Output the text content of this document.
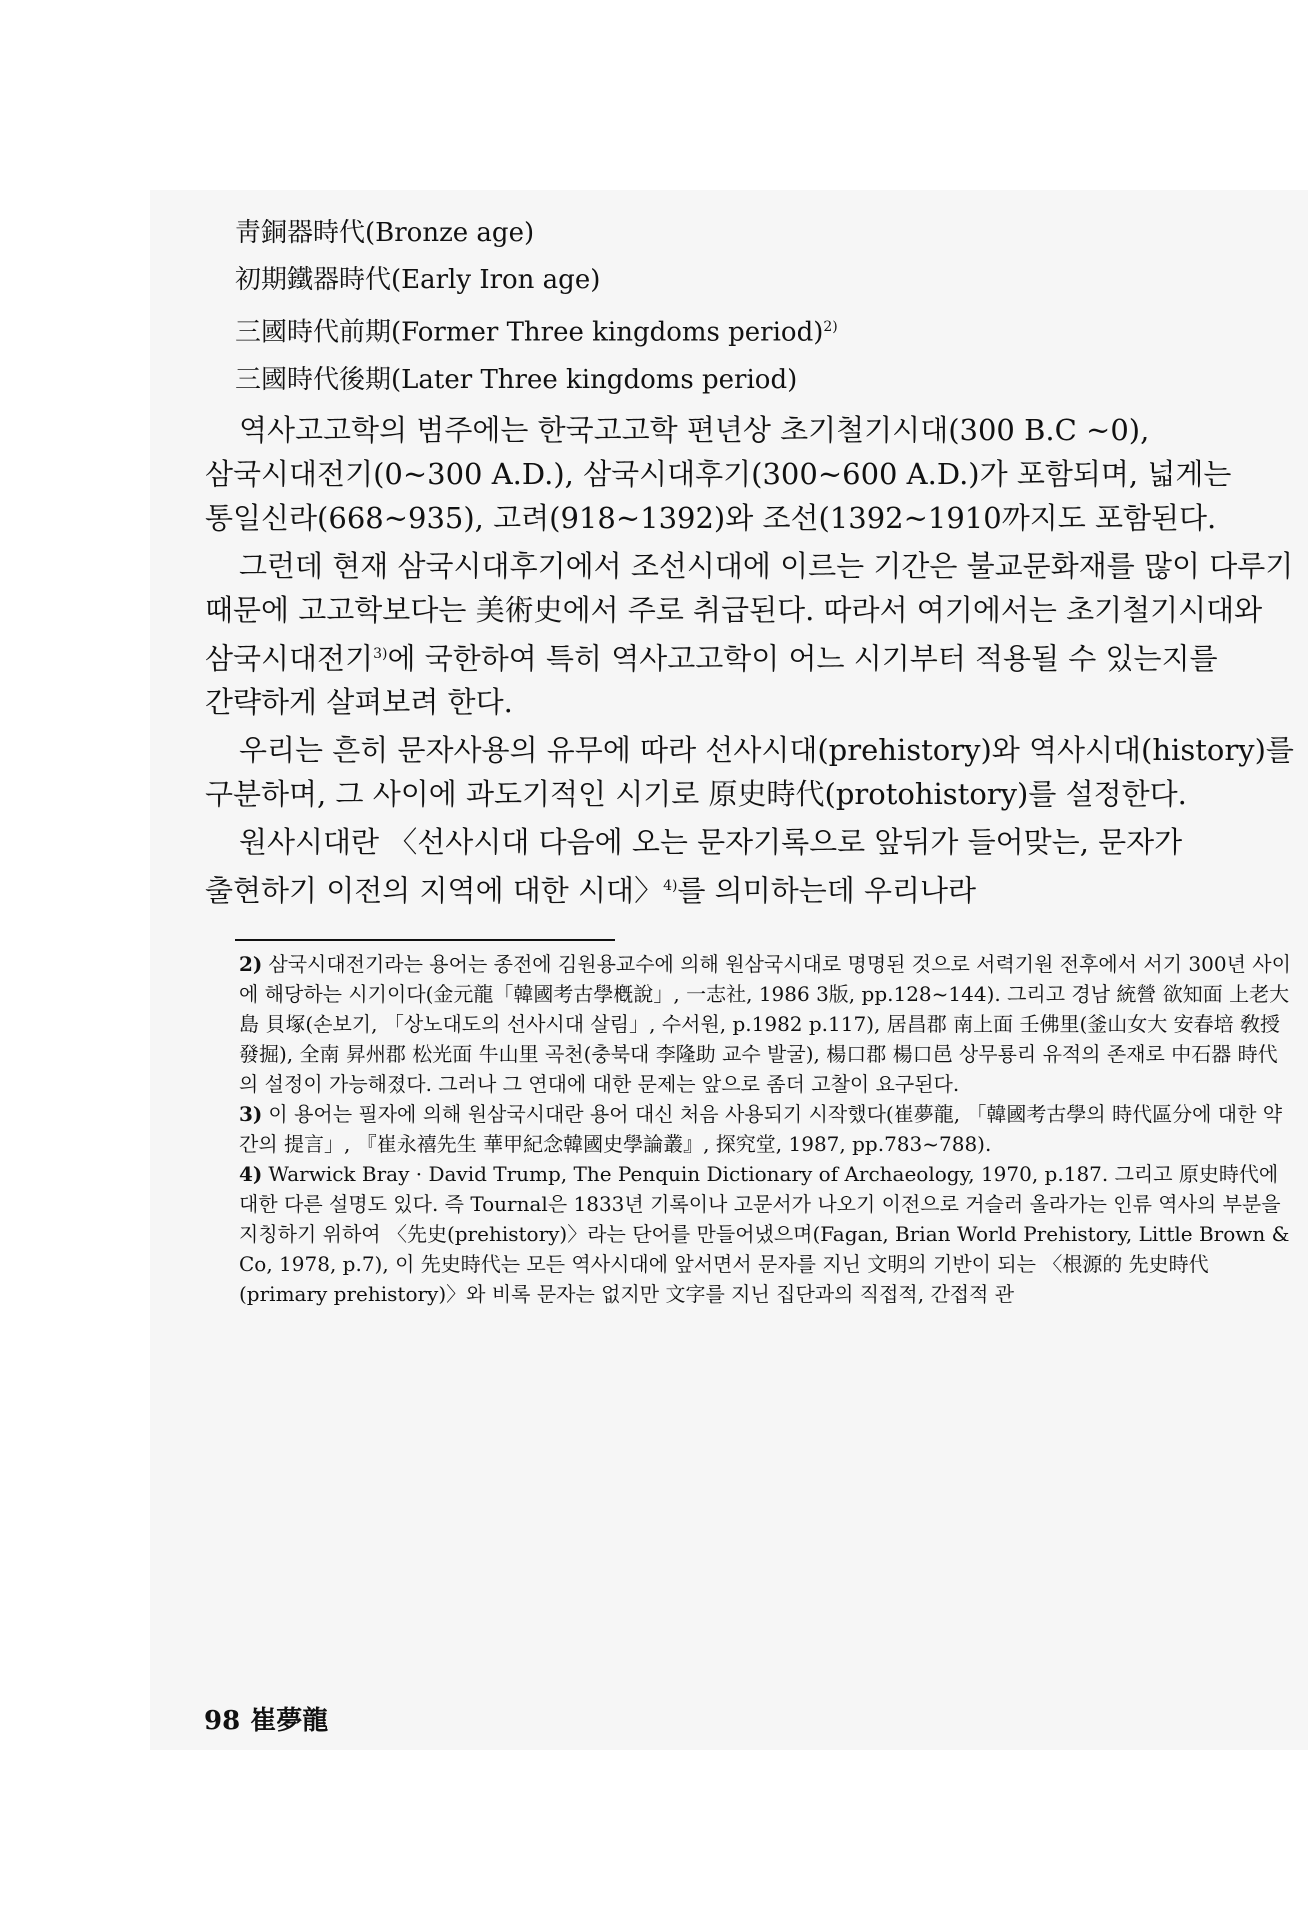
靑銅器時代(Bronze age)
初期鐵器時代(Early Iron age)
三國時代前期(Former Three kingdoms period)$^{2)}$
三國時代後期(Later Three kingdoms period)

역사고고학의 범주에는 한국고고학 편년상 초기철기시대(300 B.C ~0), 삼국시대전기(0~300 A.D.), 삼국시대후기(300~600 A.D.)가 포함되며, 넓게는 통일신라(668~935), 고려(918~1392)와 조선(1392~1910까지도 포함된다.

그런데 현재 삼국시대후기에서 조선시대에 이르는 기간은 불교문화재를 많이 다루기 때문에 고고학보다는 美術史에서 주로 취급된다. 따라서 여기에서는 초기철기시대와 삼국시대전기$^{3)}$에 국한하여 특히 역사고고학이 어느 시기부터 적용될 수 있는지를 간략하게 살펴보려 한다.

우리는 흔히 문자사용의 유무에 따라 선사시대(prehistory)와 역사시대(history)를 구분하며, 그 사이에 과도기적인 시기로 原史時代(protohistory)를 설정한다.

원사시대란 〈선사시대 다음에 오는 문자기록으로 앞뒤가 들어맞는, 문자가 출현하기 이전의 지역에 대한 시대〉$^{4)}$를 의미하는데 우리나라

2) 삼국시대전기라는 용어는 종전에 김원용교수에 의해 원삼국시대로 명명된 것으로 서력기원 전후에서 서기 300년 사이에 해당하는 시기이다(金元龍「韓國考古學槪說」, 一志社, 1986 3版, pp.128~144). 그리고 경남 統營 欲知面 上老大島 貝塚(손보기, 「상노대도의 선사시대 살림」, 수서원, p.1982 p.117), 居昌郡 南上面 壬佛里(釜山女大 安春培 敎授 發掘), 全南 昇州郡 松光面 牛山里 곡천(충북대 李隆助 교수 발굴), 楊口郡 楊口邑 상무룡리 유적의 존재로 中石器 時代의 설정이 가능해졌다. 그러나 그 연대에 대한 문제는 앞으로 좀더 고찰이 요구된다.

3) 이 용어는 필자에 의해 원삼국시대란 용어 대신 처음 사용되기 시작했다(崔夢龍, 「韓國考古學의 時代區分에 대한 약간의 提言」, 『崔永禧先生 華甲紀念韓國史學論叢』, 探究堂, 1987, pp.783~788).

4) Warwick Bray · David Trump, The Penquin Dictionary of Archaeology, 1970, p.187. 그리고 原史時代에 대한 다른 설명도 있다. 즉 Tournal은 1833년 기록이나 고문서가 나오기 이전으로 거슬러 올라가는 인류 역사의 부분을 지칭하기 위하여 〈先史(prehistory)〉라는 단어를 만들어냈으며(Fagan, Brian World Prehistory, Little Brown & Co, 1978, p.7), 이 先史時代는 모든 역사시대에 앞서면서 문자를 지닌 文明의 기반이 되는 〈根源的 先史時代(primary prehistory)〉와 비록 문자는 없지만 文字를 지닌 집단과의 직접적, 간접적 관

98 崔夢龍
